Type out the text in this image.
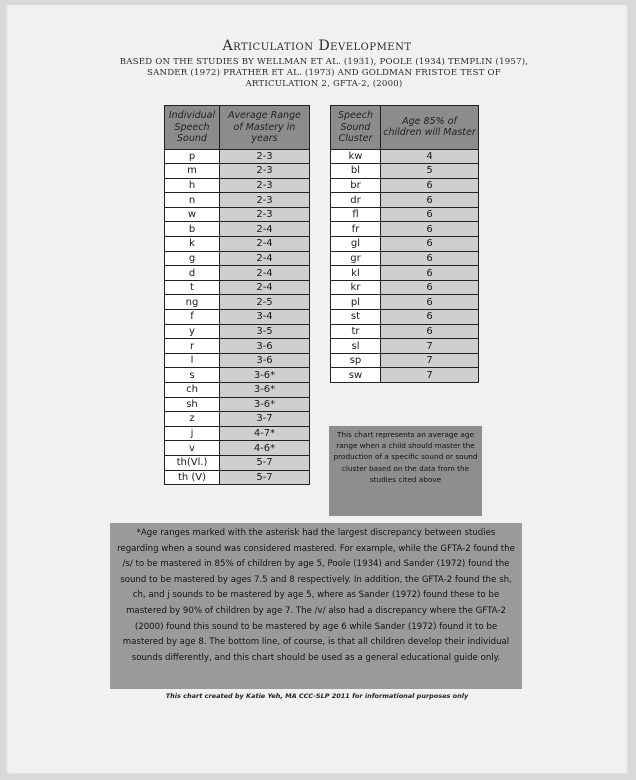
Articulation Development
BASED ON THE STUDIES BY WELLMAN ET AL. (1931), POOLE (1934) TEMPLIN (1957), SANDER (1972) PRATHER ET AL. (1973) AND GOLDMAN FRISTOE TEST OF ARTICULATION 2, GFTA-2, (2000)
Individual Speech Sound	Average Range of Mastery in years
p	2-3
m	2-3
h	2-3
n	2-3
w	2-3
b	2-4
k	2-4
g	2-4
d	2-4
t	2-4
ng	2-5
f	3-4
y	3-5
r	3-6
l	3-6
s	3-6*
ch	3-6*
sh	3-6*
z	3-7
j	4-7*
v	4-6*
th(Vl.)	5-7
th (V)	5-7
Speech Sound Cluster	Age 85% of children will Master
kw	4
bl	5
br	6
dr	6
fl	6
fr	6
gl	6
gr	6
kl	6
kr	6
pl	6
st	6
tr	6
sl	7
sp	7
sw	7
This chart represents an average age range when a child should master the production of a specific sound or sound cluster based on the data from the studies cited above
*Age ranges marked with the asterisk had the largest discrepancy between studies regarding when a sound was considered mastered. For example, while the GFTA-2 found the /s/ to be mastered in 85% of children by age 5, Poole (1934) and Sander (1972) found the sound to be mastered by ages 7.5 and 8 respectively. In addition, the GFTA-2 found the sh, ch, and j sounds to be mastered by age 5, where as Sander (1972) found these to be mastered by 90% of children by age 7. The /v/ also had a discrepancy where the GFTA-2 (2000) found this sound to be mastered by age 6 while Sander (1972) found it to be mastered by age 8. The bottom line, of course, is that all children develop their individual sounds differently, and this chart should be used as a general educational guide only.
This chart created by Katie Yeh, MA CCC-SLP 2011 for informational purposes only
